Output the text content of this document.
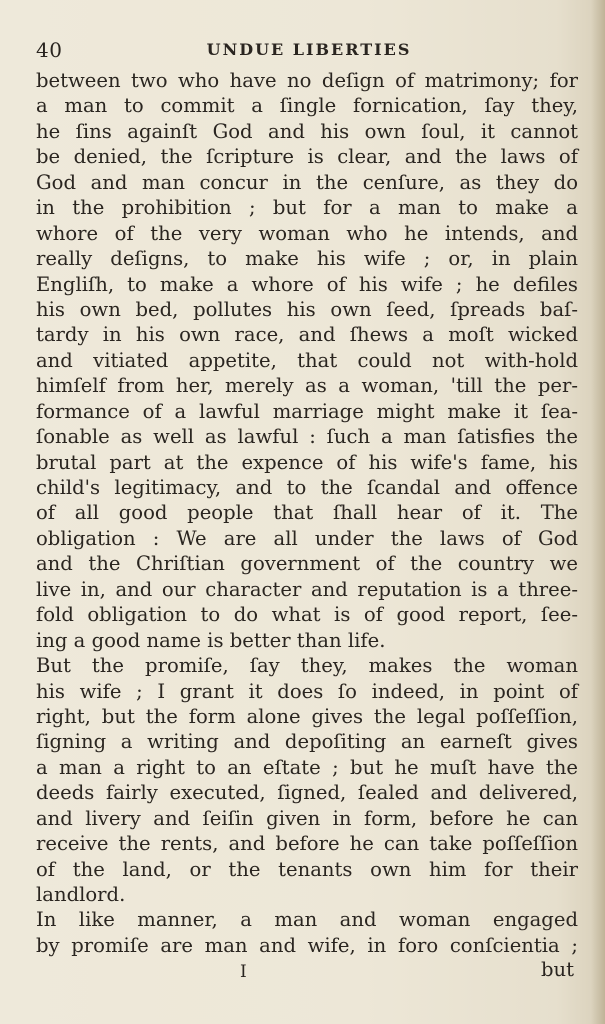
40	UNDUE LIBERTIES
between two who have no deſign of matrimony; for
a man to commit a ſingle fornication, ſay they,
he ſins againſt God and his own ſoul, it cannot
be denied, the ſcripture is clear, and the laws of
God and man concur in the cenſure, as they do
in the prohibition ; but for a man to make a
whore of the very woman who he intends, and
really deſigns, to make his wife ; or, in plain
Engliſh, to make a whore of his wife ; he defiles
his own bed, pollutes his own ſeed, ſpreads baſ-
tardy in his own race, and ſhews a moſt wicked
and vitiated appetite, that could not with-hold
himſelf from her, merely as a woman, 'till the per-
formance of a lawful marriage might make it ſea-
ſonable as well as lawful : ſuch a man ſatisfies the
brutal part at the expence of his wife's fame, his
child's legitimacy, and to the ſcandal and offence
of all good people that ſhall hear of it. The
obligation : We are all under the laws of God
and the Chriſtian government of the country we
live in, and our character and reputation is a three-
fold obligation to do what is of good report, ſee-
ing a good name is better than life.
But the promiſe, ſay they, makes the woman
his wife ; I grant it does ſo indeed, in point of
right, but the form alone gives the legal poſſeſſion,
ſigning a writing and depoſiting an earneſt gives
a man a right to an eſtate ; but he muſt have the
deeds fairly executed, ſigned, ſealed and delivered,
and livery and ſeiſin given in form, before he can
receive the rents, and before he can take poſſeſſion
of the land, or the tenants own him for their
landlord.
In like manner, a man and woman engaged
by promiſe are man and wife, in foro conſcientia ;
I	but
